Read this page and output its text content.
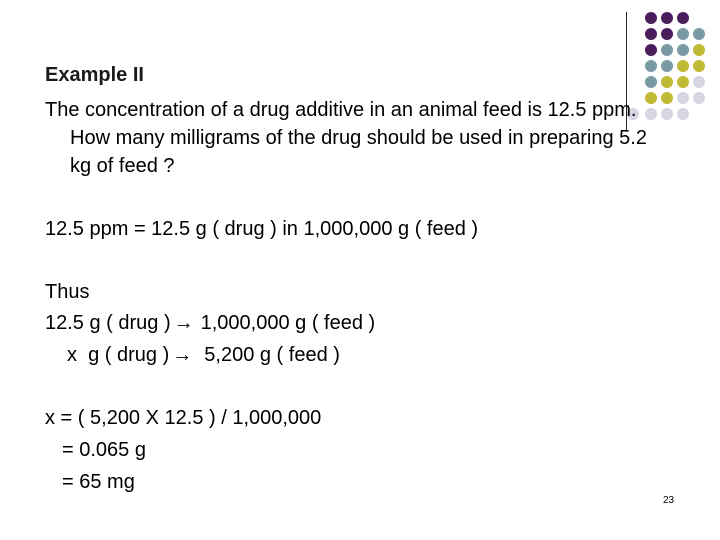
Example II
The concentration of a drug additive in an animal feed is 12.5 ppm. How many milligrams of the drug should be used in preparing 5.2 kg of feed ?
12.5 ppm = 12.5 g ( drug ) in 1,000,000 g ( feed )
Thus
12.5 g ( drug ) → 1,000,000 g ( feed )
x  g ( drug ) → 5,200 g ( feed )
x = ( 5,200 X 12.5 ) / 1,000,000
= 0.065 g
= 65 mg
23
